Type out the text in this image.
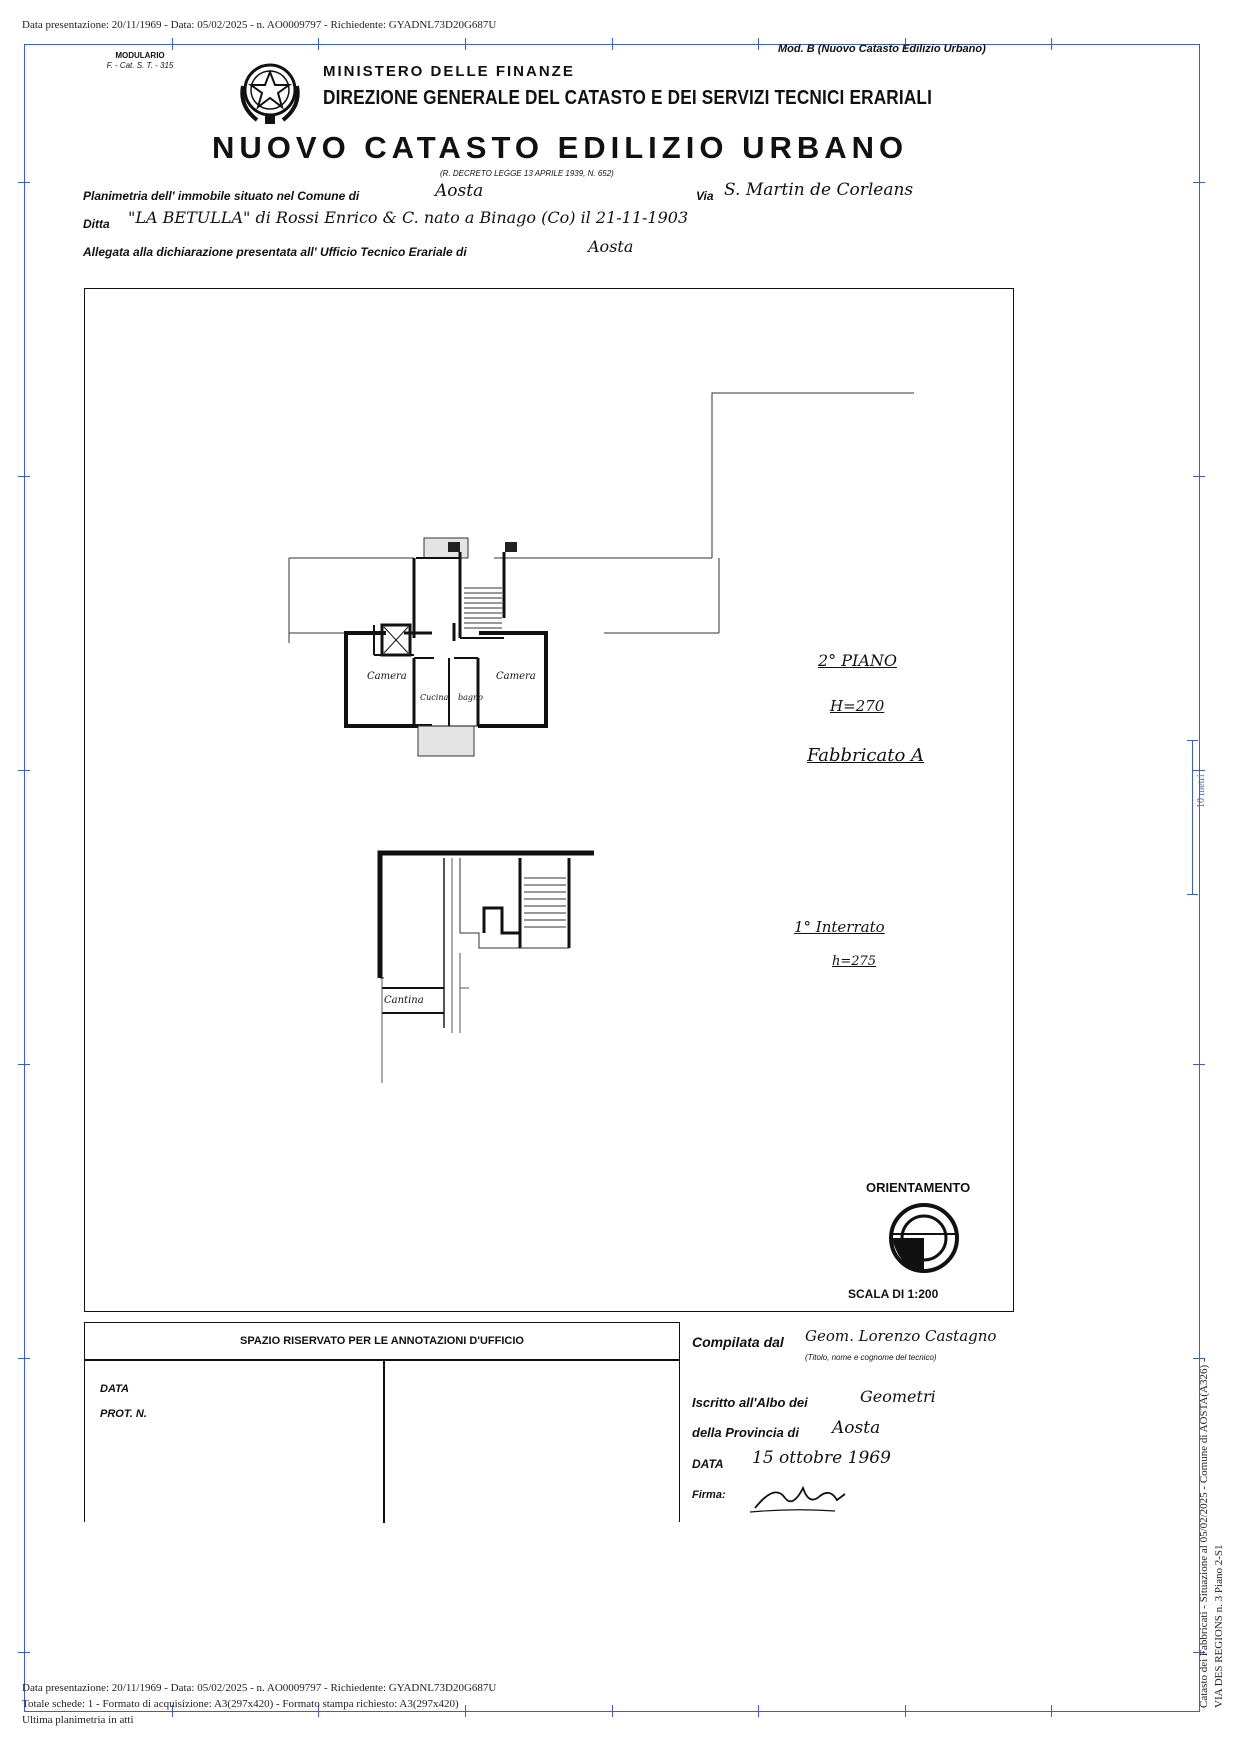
Data presentazione: 20/11/1969 - Data: 05/02/2025 - n. AO0009797 - Richiedente: GYADNL73D20G687U
MODULARIO
F. - Cat. S. T. - 315
Mod. B (Nuovo Catasto Edilizio Urbano)
MINISTERO DELLE FINANZE
DIREZIONE GENERALE DEL CATASTO E DEI SERVIZI TECNICI ERARIALI
NUOVO CATASTO EDILIZIO URBANO
(R. DECRETO LEGGE 13 APRILE 1939, N. 652)
Planimetria dell' immobile situato nel Comune di	Aosta	Via S. Martin de Corleans
Ditta "LA BETULLA" di Rossi Enrico & C. nato a Binago (Co) il 21-11-1903
Allegata alla dichiarazione presentata all' Ufficio Tecnico Erariale di	Aosta
Camera
Cucina bagno
Camera
Cantina
2° PIANO
H=270
Fabbricato A
1° Interrato
h=275
ORIENTAMENTO
SCALA DI 1:200
SPAZIO RISERVATO PER LE ANNOTAZIONI D'UFFICIO
DATA
PROT. N.
Compilata dal Geom. Lorenzo Castagno
(Titolo, nome e cognome del tecnico)
Iscritto all'Albo dei	Geometri
della Provincia di Aosta
DATA 15 ottobre 1969
Firma:
10 metri
Catasto dei Fabbricati - Situazione al 05/02/2025 - Comune di AOSTA(A326) - VIA DES REGIONS n. 3 Piano 2-S1
Data presentazione: 20/11/1969 - Data: 05/02/2025 - n. AO0009797 - Richiedente: GYADNL73D20G687U
Totale schede: 1 - Formato di acquisizione: A3(297x420) - Formato stampa richiesto: A3(297x420)
Ultima planimetria in atti
